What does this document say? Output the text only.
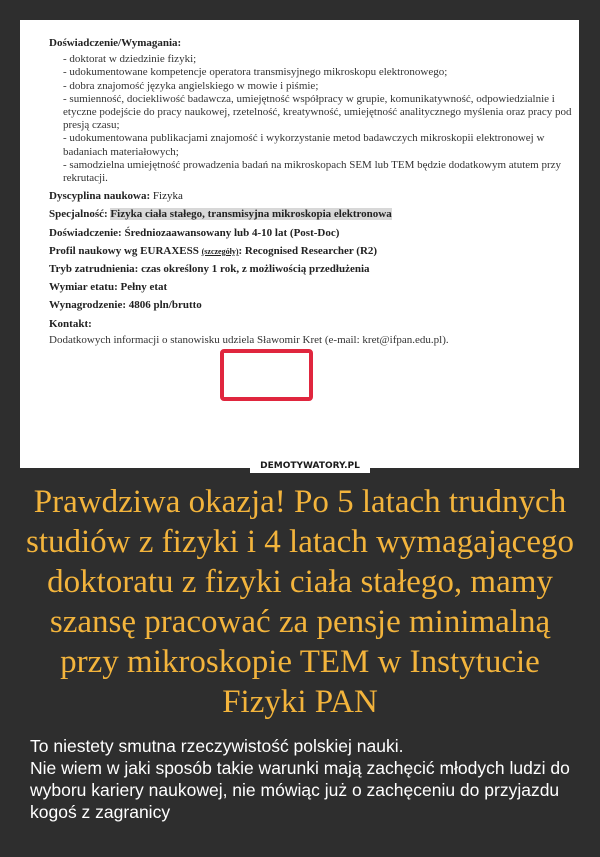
Doświadczenie/Wymagania:
- doktorat w dziedzinie fizyki;
- udokumentowane kompetencje operatora transmisyjnego mikroskopu elektronowego;
- dobra znajomość języka angielskiego w mowie i piśmie;
- sumienność, dociekliwość badawcza, umiejętność współpracy w grupie, komunikatywność, odpowiedzialnie i etyczne podejście do pracy naukowej, rzetelność, kreatywność, umiejętność analitycznego myślenia oraz pracy pod presją czasu;
- udokumentowana publikacjami znajomość i wykorzystanie metod badawczych mikroskopii elektronowej w badaniach materiałowych;
- samodzielna umiejętność prowadzenia badań na mikroskopach SEM lub TEM będzie dodatkowym atutem przy rekrutacji.
Dyscyplina naukowa: Fizyka
Specjalność: Fizyka ciała stałego, transmisyjna mikroskopia elektronowa
Doświadczenie: Średniozaawansowany lub 4-10 lat (Post-Doc)
Profil naukowy wg EURAXESS (szczegóły): Recognised Researcher (R2)
Tryb zatrudnienia: czas określony 1 rok, z możliwością przedłużenia
Wymiar etatu: Pełny etat
Wynagrodzenie: 4806 pln/brutto
Kontakt:
Dodatkowych informacji o stanowisku udziela Sławomir Kret (e-mail: kret@ifpan.edu.pl).
DEMOTYWATORY.PL
Prawdziwa okazja! Po 5 latach trudnych studiów z fizyki i 4 latach wymagającego doktoratu z fizyki ciała stałego, mamy szansę pracować za pensje minimalną przy mikroskopie TEM w Instytucie Fizyki PAN
To niestety smutna rzeczywistość polskiej nauki.
Nie wiem w jaki sposób takie warunki mają zachęcić młodych ludzi do wyboru kariery naukowej, nie mówiąc już o zachęceniu do przyjazdu kogoś z zagranicy
